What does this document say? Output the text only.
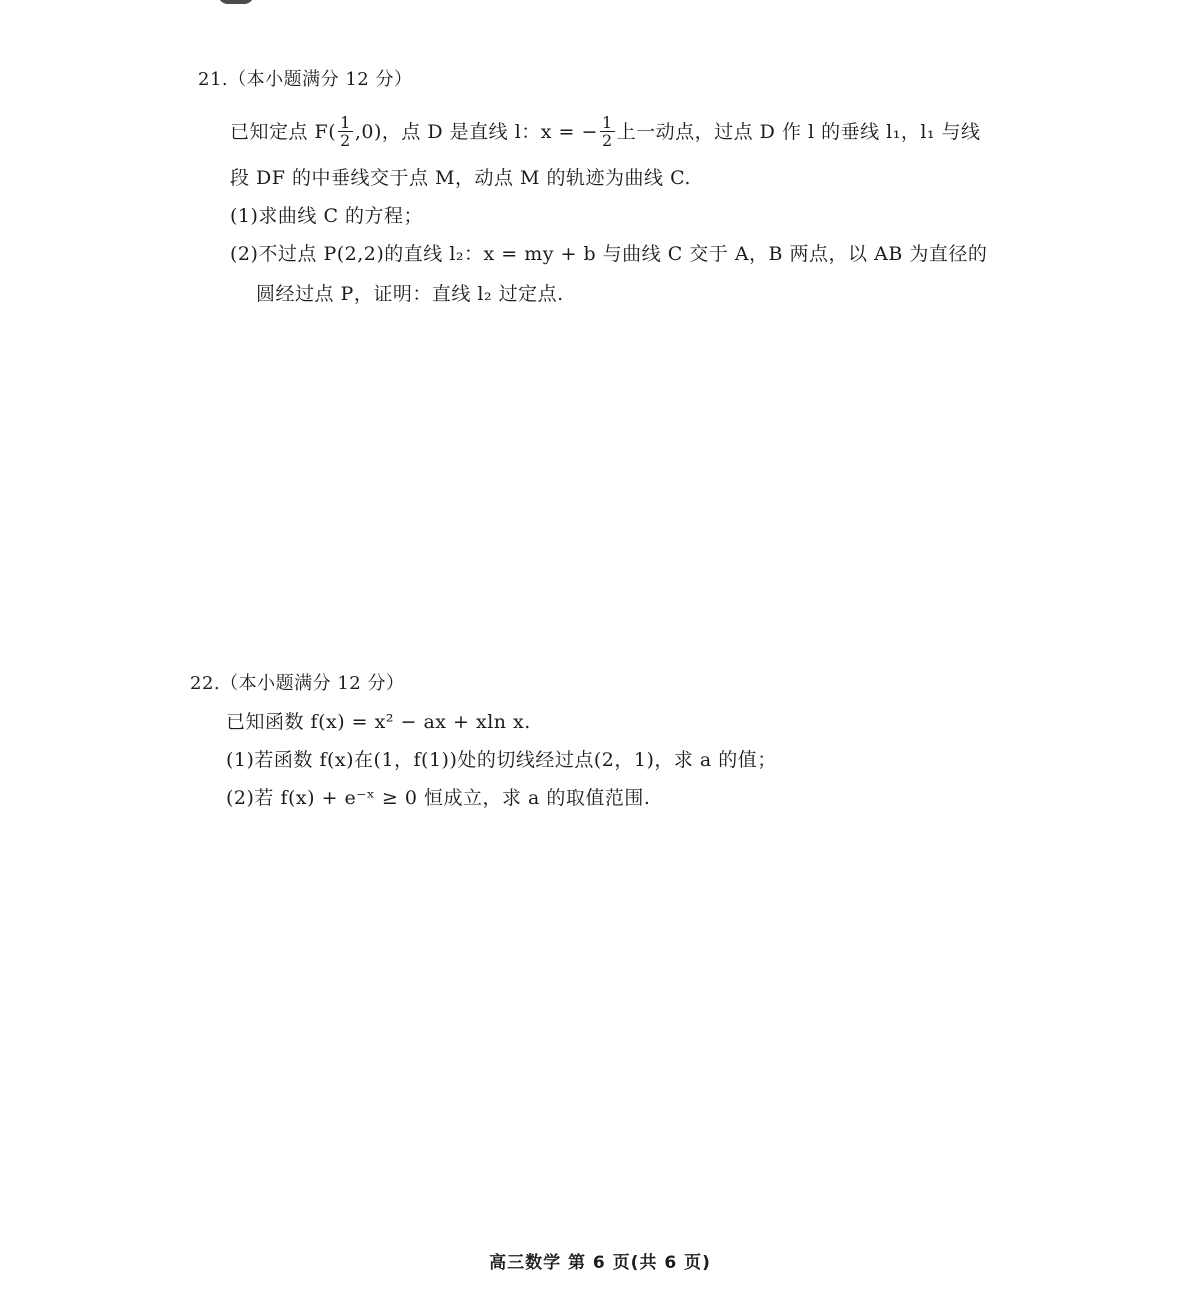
21.（本小题满分 12 分）
已知定点 $F( \frac{1}{2} ,0)$，点 D 是直线 l：x = − $\frac{1}{2}$ 上一动点，过点 D 作 l 的垂线 l₁，l₁ 与线
段 DF 的中垂线交于点 M，动点 M 的轨迹为曲线 C.
(1)求曲线 C 的方程；
(2)不过点 P(2,2)的直线 l₂：x = my + b 与曲线 C 交于 A，B 两点，以 AB 为直径的
圆经过点 P，证明：直线 l₂ 过定点.
22.（本小题满分 12 分）
已知函数 f(x) = x² − ax + xln x.
(1)若函数 f(x)在(1，f(1))处的切线经过点(2，1)，求 a 的值；
(2)若 f(x) + e⁻ˣ ≥ 0 恒成立，求 a 的取值范围.
高三数学 第 6 页(共 6 页)
